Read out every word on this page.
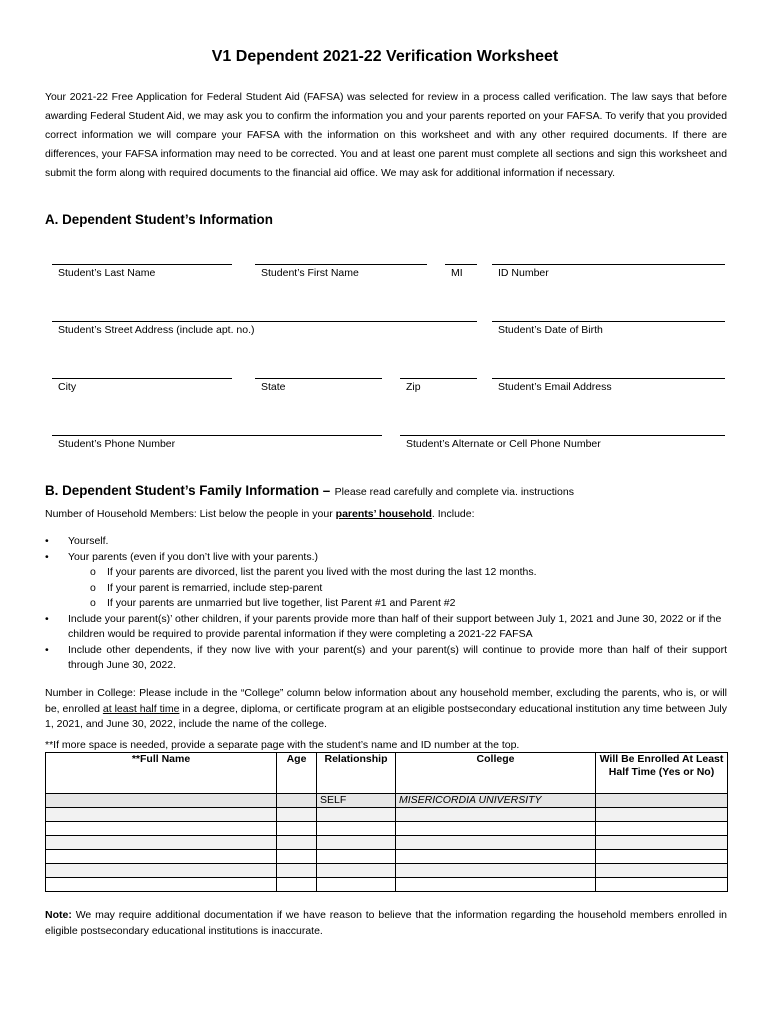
V1 Dependent 2021-22 Verification Worksheet
Your 2021-22 Free Application for Federal Student Aid (FAFSA) was selected for review in a process called verification. The law says that before awarding Federal Student Aid, we may ask you to confirm the information you and your parents reported on your FAFSA. To verify that you provided correct information we will compare your FAFSA with the information on this worksheet and with any other required documents. If there are differences, your FAFSA information may need to be corrected. You and at least one parent must complete all sections and sign this worksheet and submit the form along with required documents to the financial aid office. We may ask for additional information if necessary.
A. Dependent Student’s Information
Student’s Last Name	Student’s First Name	MI	ID Number
Student’s Street Address (include apt. no.)	Student’s Date of Birth
City	State	Zip	Student’s Email Address
Student’s Phone Number	Student’s Alternate or Cell Phone Number
B. Dependent Student’s Family Information – Please read carefully and complete via. instructions
Number of Household Members: List below the people in your parents’ household. Include:
• Yourself.
• Your parents (even if you don’t live with your parents.)
o If your parents are divorced, list the parent you lived with the most during the last 12 months.
o If your parent is remarried, include step-parent
o If your parents are unmarried but live together, list Parent #1 and Parent #2
• Include your parent(s)’ other children, if your parents provide more than half of their support between July 1, 2021 and June 30, 2022 or if the children would be required to provide parental information if they were completing a 2021-22 FAFSA
• Include other dependents, if they now live with your parent(s) and your parent(s) will continue to provide more than half of their support through June 30, 2022.
Number in College: Please include in the “College” column below information about any household member, excluding the parents, who is, or will be, enrolled at least half time in a degree, diploma, or certificate program at an eligible postsecondary educational institution any time between July 1, 2021, and June 30, 2022, include the name of the college.
**If more space is needed, provide a separate page with the student’s name and ID number at the top.
**Full Name	Age	Relationship	College	Will Be Enrolled At Least Half Time (Yes or No)
		SELF	MISERICORDIA UNIVERSITY	

Note: We may require additional documentation if we have reason to believe that the information regarding the household members enrolled in eligible postsecondary educational institutions is inaccurate.
